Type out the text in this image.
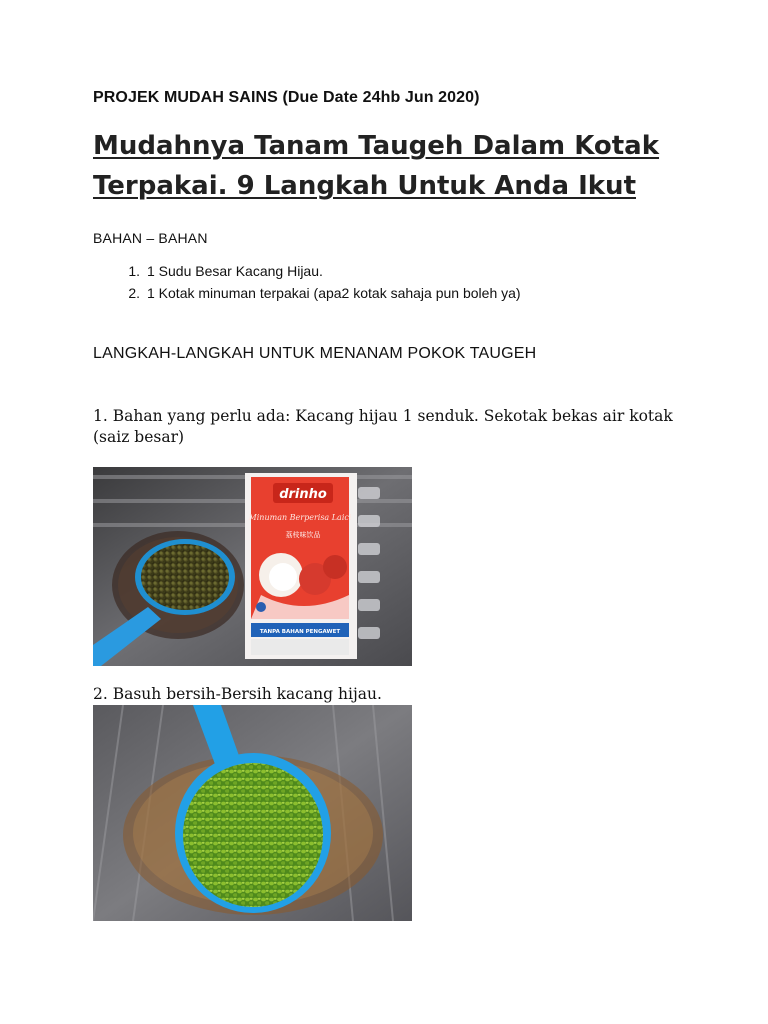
PROJEK MUDAH SAINS (Due Date 24hb Jun 2020)
Mudahnya Tanam Taugeh Dalam Kotak
Terpakai. 9 Langkah Untuk Anda Ikut
BAHAN – BAHAN
1. 1 Sudu Besar Kacang Hijau.
2. 1 Kotak minuman terpakai (apa2 kotak sahaja pun boleh ya)
LANGKAH-LANGKAH UNTUK MENANAM POKOK TAUGEH
1. Bahan yang perlu ada: Kacang hijau 1 senduk. Sekotak bekas air kotak (saiz besar)
drinho
Minuman Berperisa Laici
荔枝味饮品
TANPA BAHAN PENGAWET
2. Basuh bersih-Bersih kacang hijau.
